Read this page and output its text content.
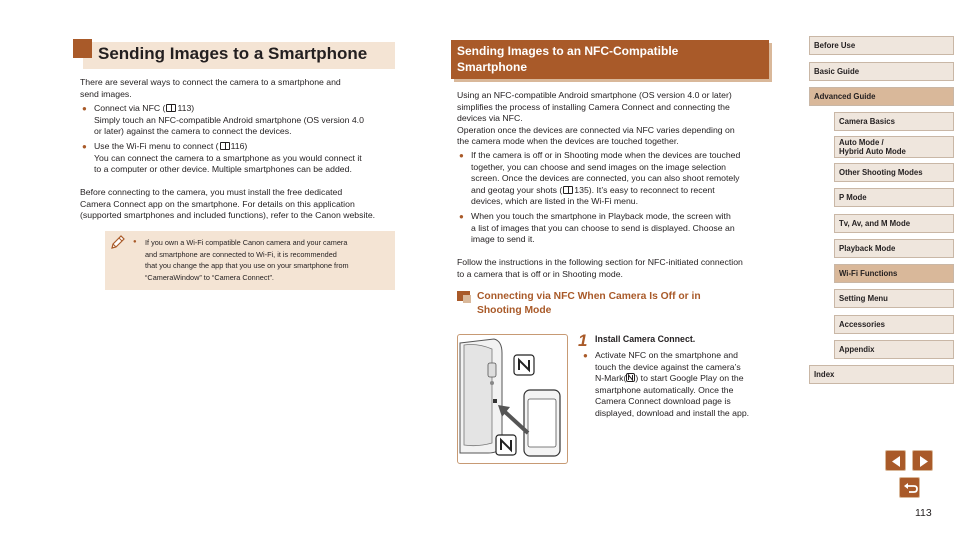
Sending Images to a Smartphone
There are several ways to connect the camera to a smartphone and
send images.
● Connect via NFC ( 113)
Simply touch an NFC-compatible Android smartphone (OS version 4.0
or later) against the camera to connect the devices.
● Use the Wi-Fi menu to connect ( 116)
You can connect the camera to a smartphone as you would connect it
to a computer or other device. Multiple smartphones can be added.
Before connecting to the camera, you must install the free dedicated
Camera Connect app on the smartphone. For details on this application
(supported smartphones and included functions), refer to the Canon website.
● If you own a Wi-Fi compatible Canon camera and your camera
and smartphone are connected to Wi-Fi, it is recommended
that you change the app that you use on your smartphone from
“CameraWindow” to “Camera Connect”.
Sending Images to an NFC-Compatible
Smartphone
Using an NFC-compatible Android smartphone (OS version 4.0 or later)
simplifies the process of installing Camera Connect and connecting the
devices via NFC.
Operation once the devices are connected via NFC varies depending on
the camera mode when the devices are touched together.
● If the camera is off or in Shooting mode when the devices are touched
together, you can choose and send images on the image selection
screen. Once the devices are connected, you can also shoot remotely
and geotag your shots ( 135). It’s easy to reconnect to recent
devices, which are listed in the Wi-Fi menu.
● When you touch the smartphone in Playback mode, the screen with
a list of images that you can choose to send is displayed. Choose an
image to send it.
Follow the instructions in the following section for NFC-initiated connection
to a camera that is off or in Shooting mode.
Connecting via NFC When Camera Is Off or in
Shooting Mode
1 Install Camera Connect.
● Activate NFC on the smartphone and
touch the device against the camera’s
N-Mark( ) to start Google Play on the
smartphone automatically. Once the
Camera Connect download page is
displayed, download and install the app.
Before Use
Basic Guide
Advanced Guide
Camera Basics
Auto Mode /
Hybrid Auto Mode
Other Shooting Modes
P Mode
Tv, Av, and M Mode
Playback Mode
Wi-Fi Functions
Setting Menu
Accessories
Appendix
Index
113
